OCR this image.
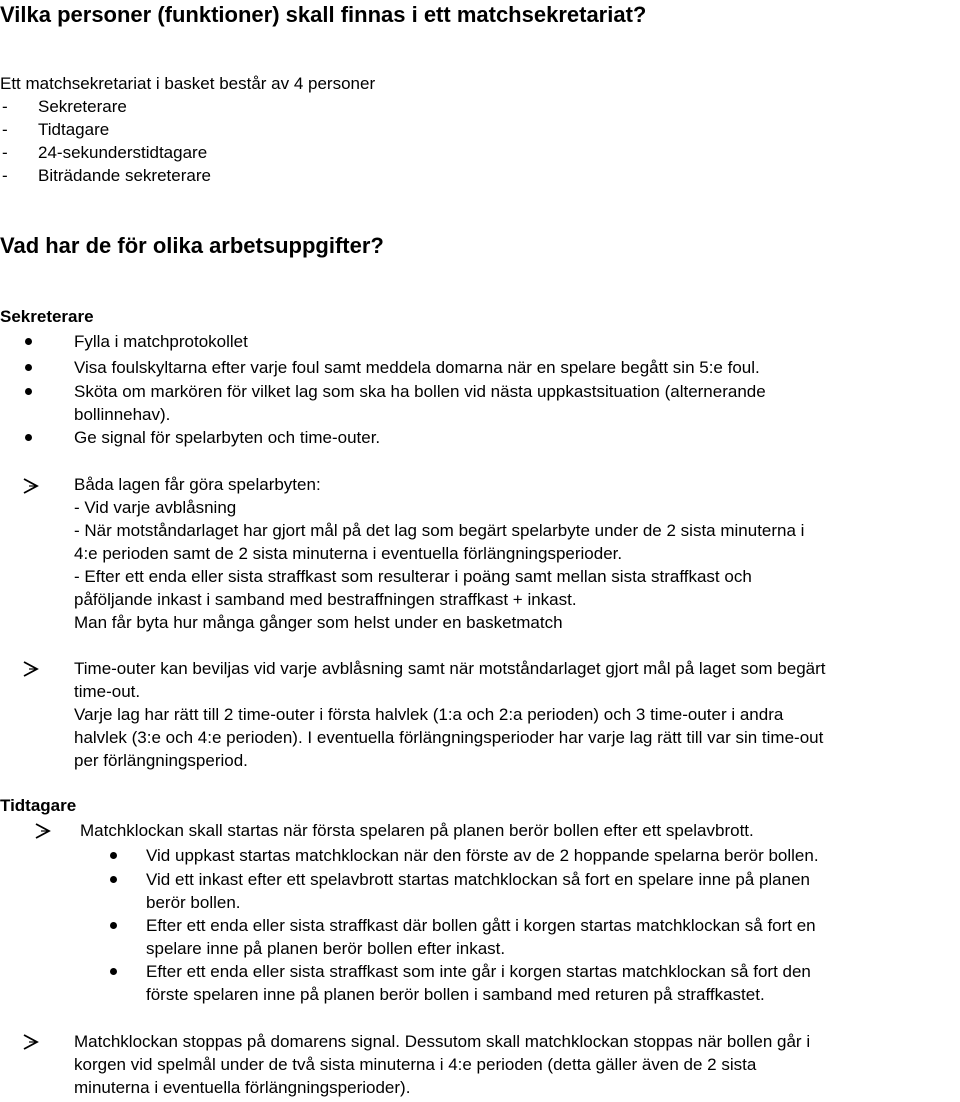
Vilka personer (funktioner) skall finnas i ett matchsekretariat?
Ett matchsekretariat i basket består av 4 personer
- Sekreterare
- Tidtagare
- 24-sekunderstidtagare
- Biträdande sekreterare
Vad har de för olika arbetsuppgifter?
Sekreterare
Fylla i matchprotokollet
Visa foulskyltarna efter varje foul samt meddela domarna när en spelare begått sin 5:e foul.
Sköta om markören för vilket lag som ska ha bollen vid nästa uppkastsituation (alternerande
bollinnehav).
Ge signal för spelarbyten och time-outer.
Båda lagen får göra spelarbyten:
- Vid varje avblåsning
- När motståndarlaget har gjort mål på det lag som begärt spelarbyte under de 2 sista minuterna i
4:e perioden samt de 2 sista minuterna i eventuella förlängningsperioder.
- Efter ett enda eller sista straffkast som resulterar i poäng samt mellan sista straffkast och
påföljande inkast i samband med bestraffningen straffkast + inkast.
Man får byta hur många gånger som helst under en basketmatch
Time-outer kan beviljas vid varje avblåsning samt när motståndarlaget gjort mål på laget som begärt
time-out.
Varje lag har rätt till 2 time-outer i första halvlek (1:a och 2:a perioden) och 3 time-outer i andra
halvlek (3:e och 4:e perioden). I eventuella förlängningsperioder har varje lag rätt till var sin time-out
per förlängningsperiod.
Tidtagare
Matchklockan skall startas när första spelaren på planen berör bollen efter ett spelavbrott.
Vid uppkast startas matchklockan när den förste av de 2 hoppande spelarna berör bollen.
Vid ett inkast efter ett spelavbrott startas matchklockan så fort en spelare inne på planen
berör bollen.
Efter ett enda eller sista straffkast där bollen gått i korgen startas matchklockan så fort en
spelare inne på planen berör bollen efter inkast.
Efter ett enda eller sista straffkast som inte går i korgen startas matchklockan så fort den
förste spelaren inne på planen berör bollen i samband med returen på straffkastet.
Matchklockan stoppas på domarens signal. Dessutom skall matchklockan stoppas när bollen går i
korgen vid spelmål under de två sista minuterna i 4:e perioden (detta gäller även de 2 sista
minuterna i eventuella förlängningsperioder).
